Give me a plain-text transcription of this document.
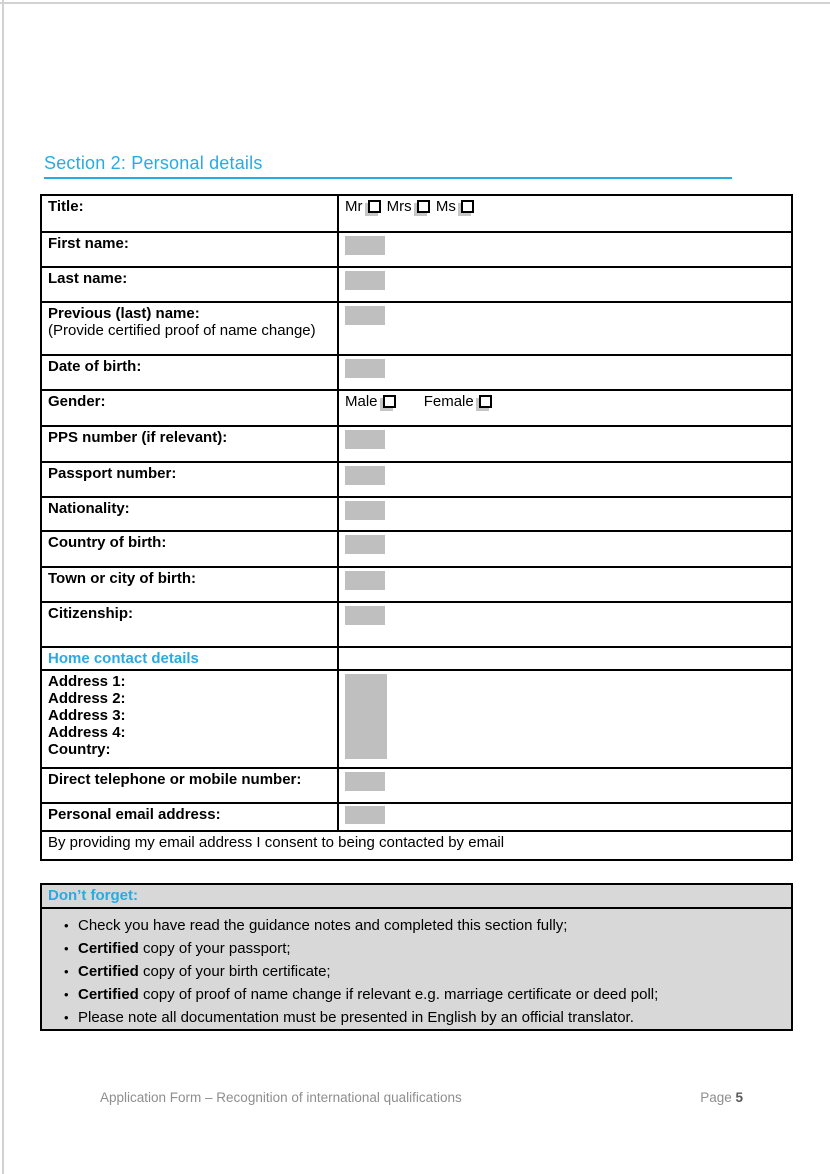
Section 2: Personal details
Title:	Mr Mrs Ms
First name:	
Last name:	
Previous (last) name:
(Provide certified proof of name change)	

Date of birth:	
Gender:	Male Female
PPS number (if relevant):	
Passport number:	
Nationality:	
Country of birth:	
Town or city of birth:	
Citizenship:	
Home contact details	
Address 1:
Address 2:
Address 3:
Address 4:
Country:	
Direct telephone or mobile number:	
Personal email address:	
By providing my email address I consent to being contacted by email	
Don’t forget:
• Check you have read the guidance notes and completed this section fully;
• Certified copy of your passport;
• Certified copy of your birth certificate;
• Certified copy of proof of name change if relevant e.g. marriage certificate or deed poll;
• Please note all documentation must be presented in English by an official translator.
Application Form – Recognition of international qualifications	Page 5
